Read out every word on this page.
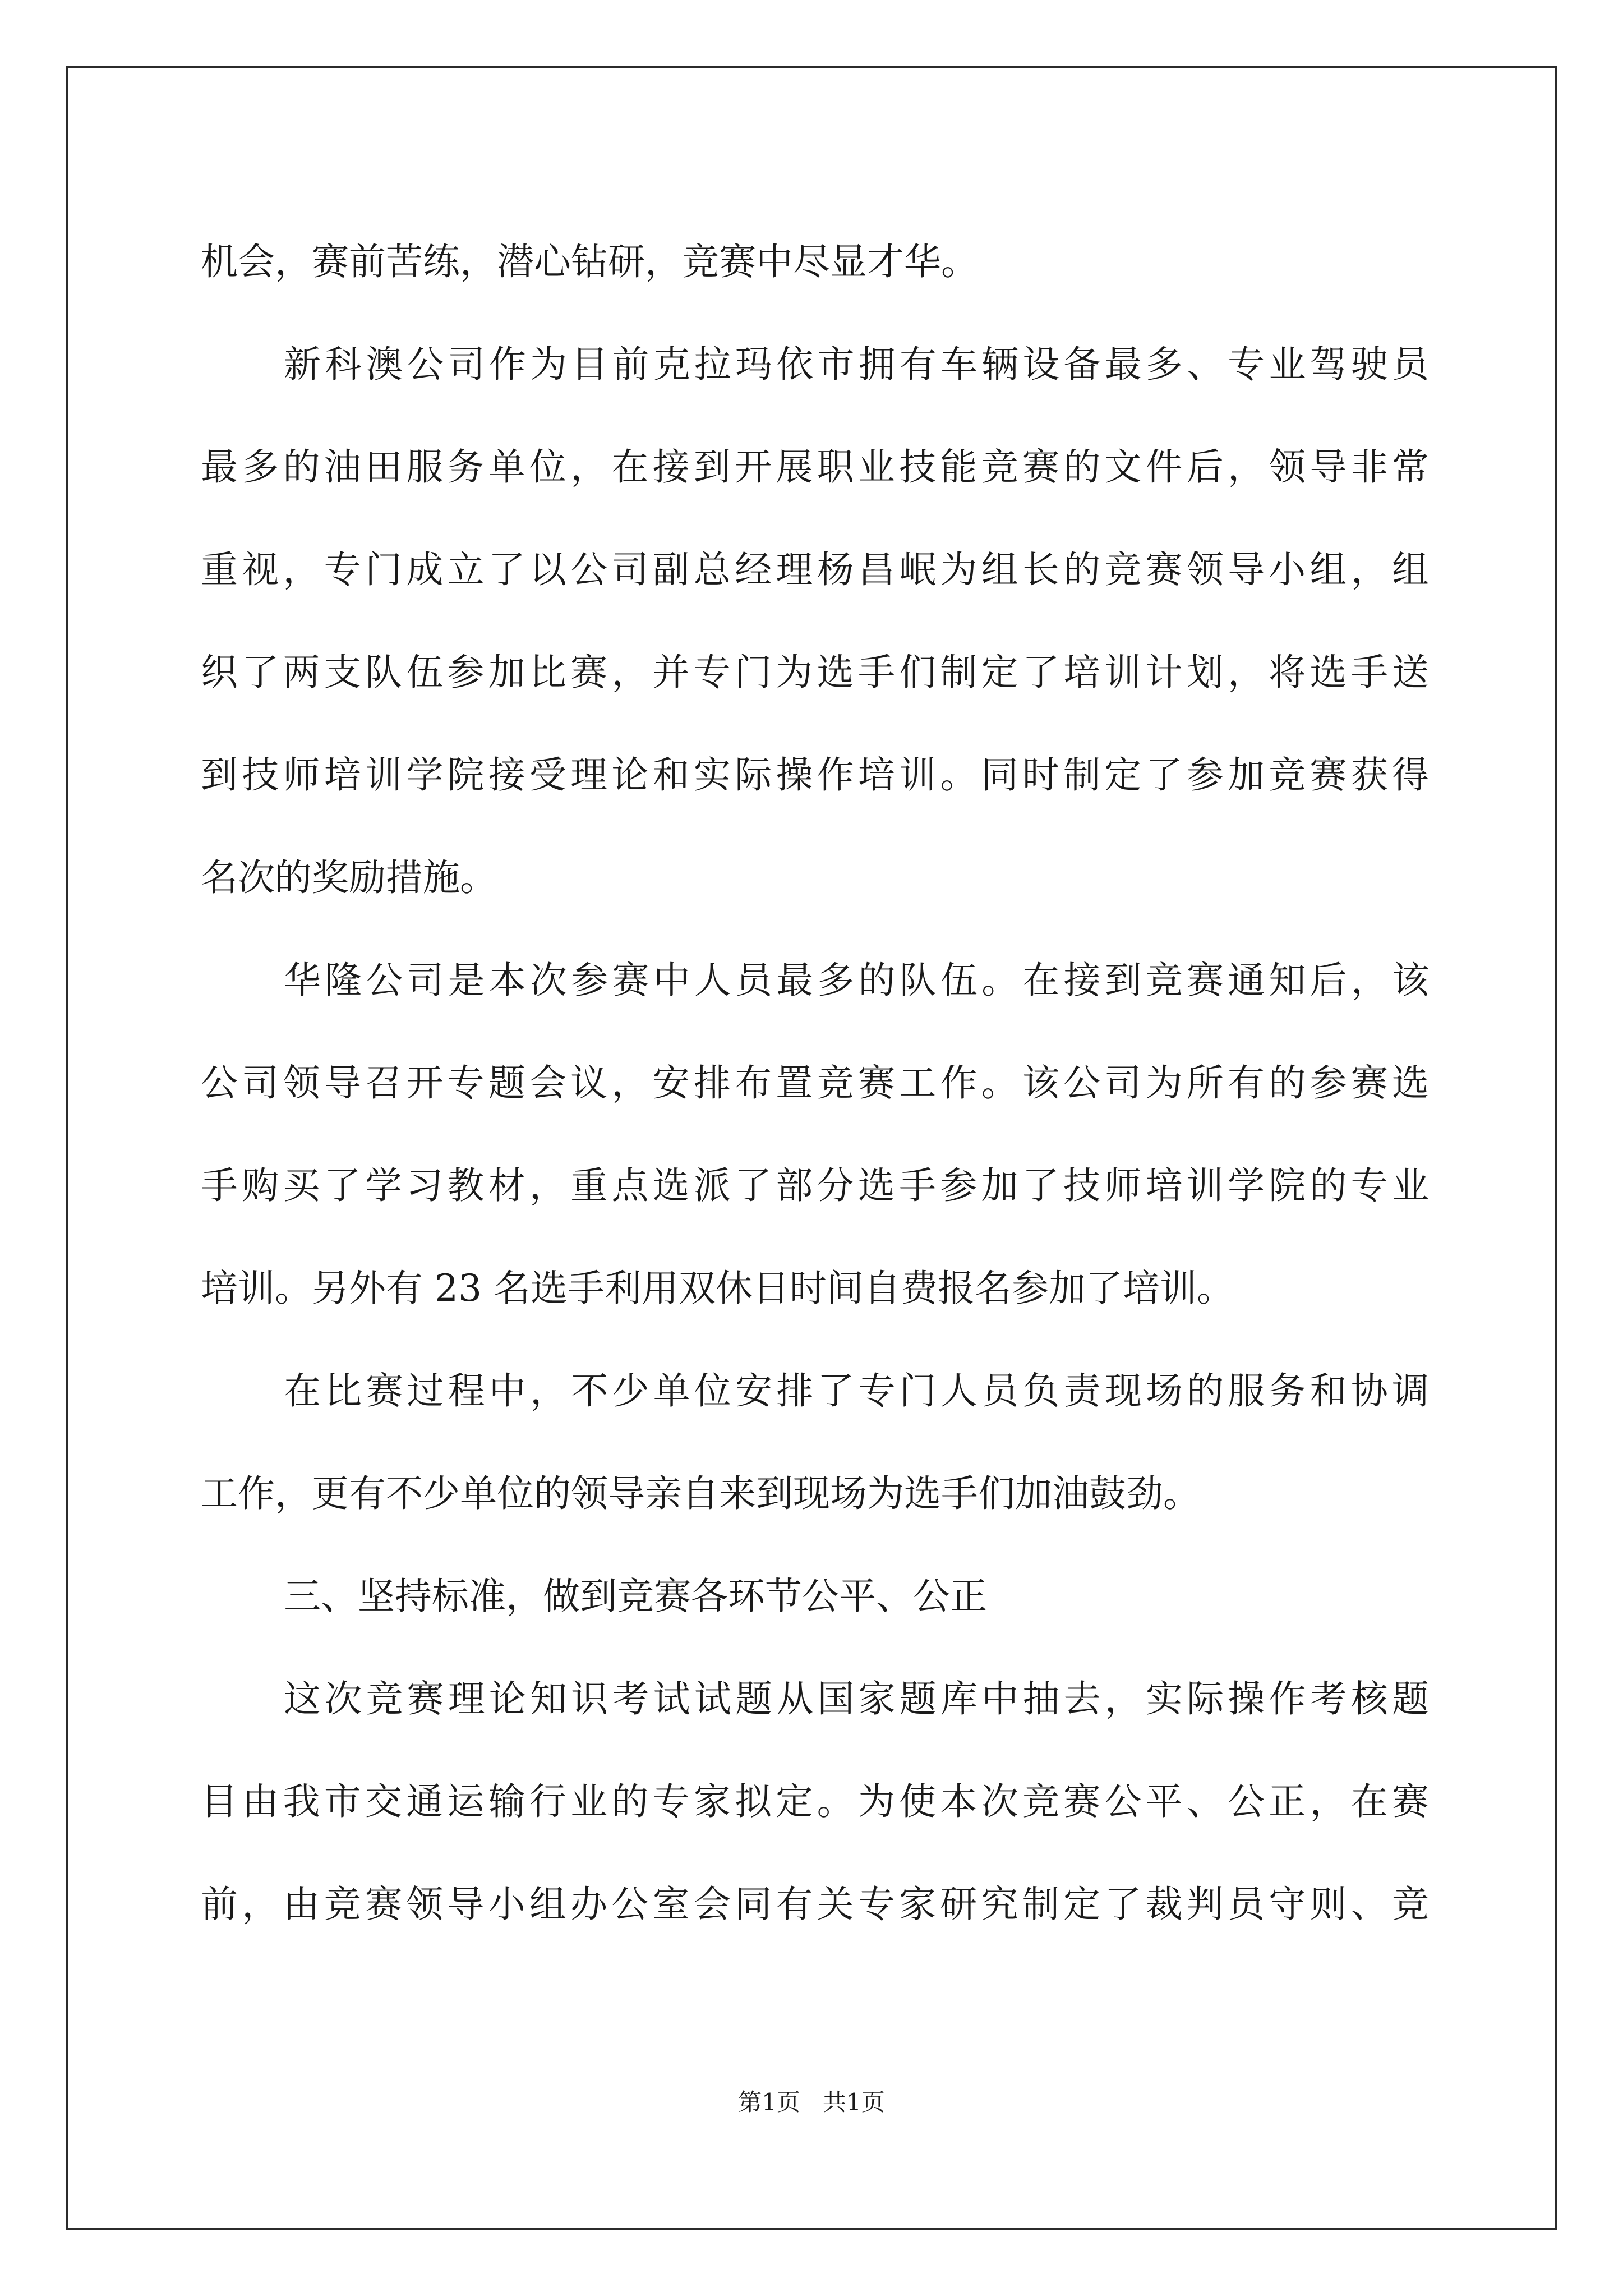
机会，赛前苦练，潜心钻研，竞赛中尽显才华。
新科澳公司作为目前克拉玛依市拥有车辆设备最多、专业驾驶员
最多的油田服务单位，在接到开展职业技能竞赛的文件后，领导非常
重视，专门成立了以公司副总经理杨昌岷为组长的竞赛领导小组，组
织了两支队伍参加比赛，并专门为选手们制定了培训计划，将选手送
到技师培训学院接受理论和实际操作培训。同时制定了参加竞赛获得
名次的奖励措施。
华隆公司是本次参赛中人员最多的队伍。在接到竞赛通知后，该
公司领导召开专题会议，安排布置竞赛工作。该公司为所有的参赛选
手购买了学习教材，重点选派了部分选手参加了技师培训学院的专业
培训。另外有 23 名选手利用双休日时间自费报名参加了培训。
在比赛过程中，不少单位安排了专门人员负责现场的服务和协调
工作，更有不少单位的领导亲自来到现场为选手们加油鼓劲。
三、坚持标准，做到竞赛各环节公平、公正
这次竞赛理论知识考试试题从国家题库中抽去，实际操作考核题
目由我市交通运输行业的专家拟定。为使本次竞赛公平、公正，在赛
前，由竞赛领导小组办公室会同有关专家研究制定了裁判员守则、竞
第1页   共1页
